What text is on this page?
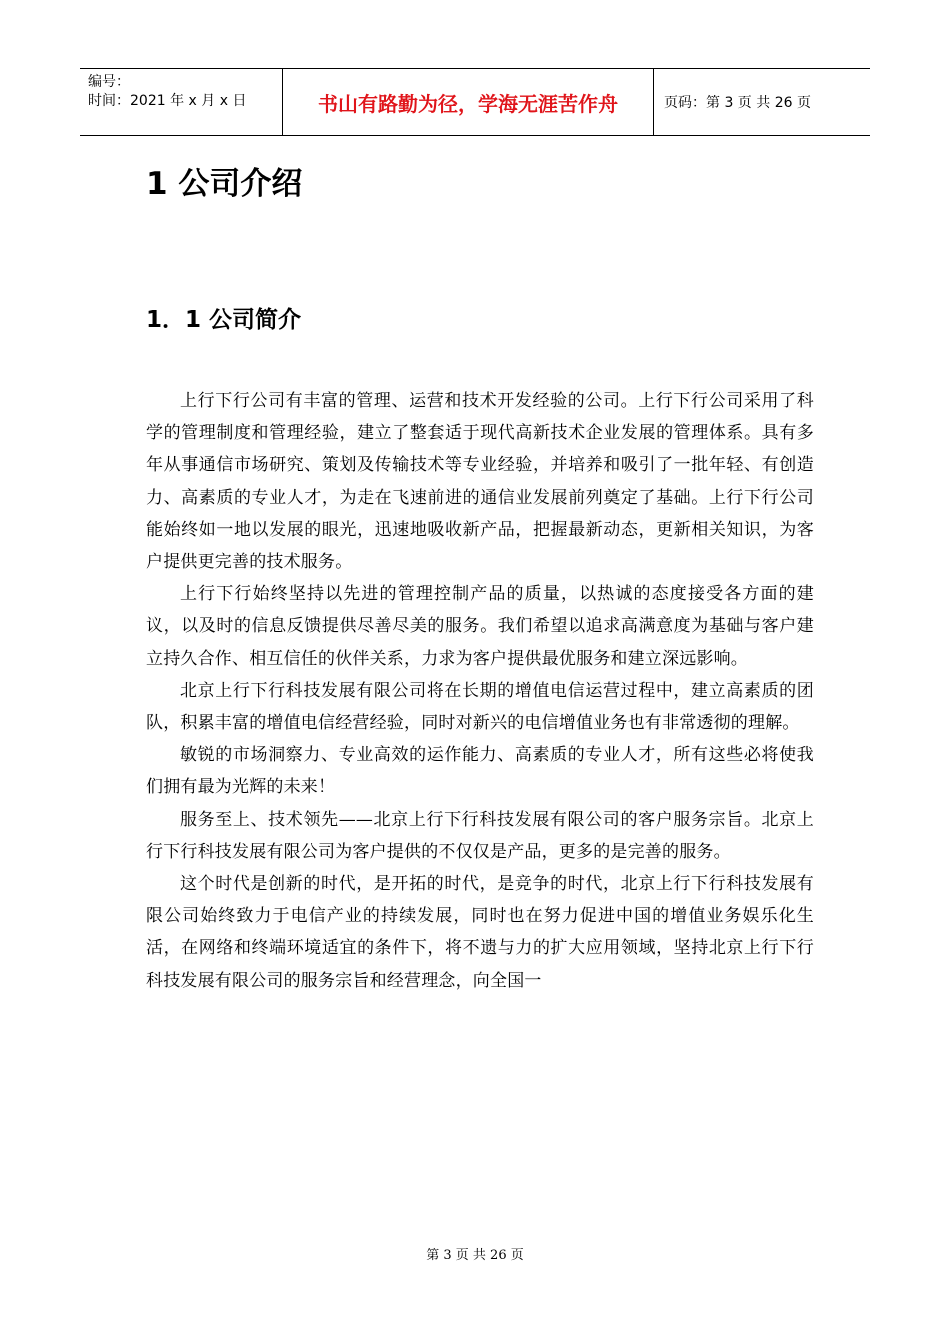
编号：
时间：2021 年 x 月 x 日	书山有路勤为径，学海无涯苦作舟	页码：第 3 页 共 26 页
1 公司介绍
1．1 公司简介

上行下行公司有丰富的管理、运营和技术开发经验的公司。上行下行公司采用了科学的管理制度和管理经验，建立了整套适于现代高新技术企业发展的管理体系。具有多年从事通信市场研究、策划及传输技术等专业经验，并培养和吸引了一批年轻、有创造力、高素质的专业人才，为走在飞速前进的通信业发展前列奠定了基础。上行下行公司能始终如一地以发展的眼光，迅速地吸收新产品，把握最新动态，更新相关知识，为客户提供更完善的技术服务。

上行下行始终坚持以先进的管理控制产品的质量，以热诚的态度接受各方面的建议，以及时的信息反馈提供尽善尽美的服务。我们希望以追求高满意度为基础与客户建立持久合作、相互信任的伙伴关系，力求为客户提供最优服务和建立深远影响。

北京上行下行科技发展有限公司将在长期的增值电信运营过程中，建立高素质的团队，积累丰富的增值电信经营经验，同时对新兴的电信增值业务也有非常透彻的理解。

敏锐的市场洞察力、专业高效的运作能力、高素质的专业人才，所有这些必将使我们拥有最为光辉的未来！

服务至上、技术领先——北京上行下行科技发展有限公司的客户服务宗旨。北京上行下行科技发展有限公司为客户提供的不仅仅是产品，更多的是完善的服务。

这个时代是创新的时代，是开拓的时代，是竞争的时代，北京上行下行科技发展有限公司始终致力于电信产业的持续发展，同时也在努力促进中国的增值业务娱乐化生活，在网络和终端环境适宜的条件下，将不遗与力的扩大应用领域，坚持北京上行下行科技发展有限公司的服务宗旨和经营理念，向全国一

第 3 页 共 26 页
